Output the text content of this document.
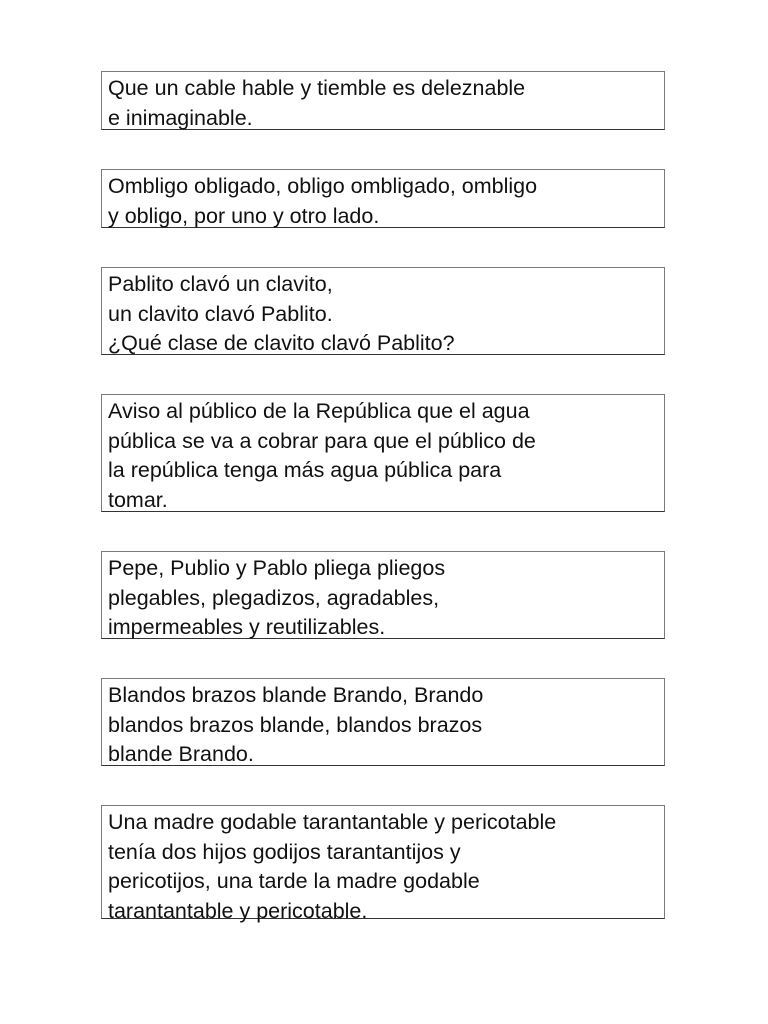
Que un cable hable y tiemble es deleznable
e inimaginable.
Ombligo obligado, obligo ombligado, ombligo
y obligo, por uno y otro lado.
Pablito clavó un clavito,
un clavito clavó Pablito.
¿Qué clase de clavito clavó Pablito?
Aviso al público de la República que el agua
pública se va a cobrar para que el público de
la república tenga más agua pública para
tomar.
Pepe, Publio y Pablo pliega pliegos
plegables, plegadizos, agradables,
impermeables y reutilizables.
Blandos brazos blande Brando, Brando
blandos brazos blande, blandos brazos
blande Brando.
Una madre godable tarantantable y pericotable
tenía dos hijos godijos tarantantijos y
pericotijos, una tarde la madre godable
tarantantable y pericotable.
